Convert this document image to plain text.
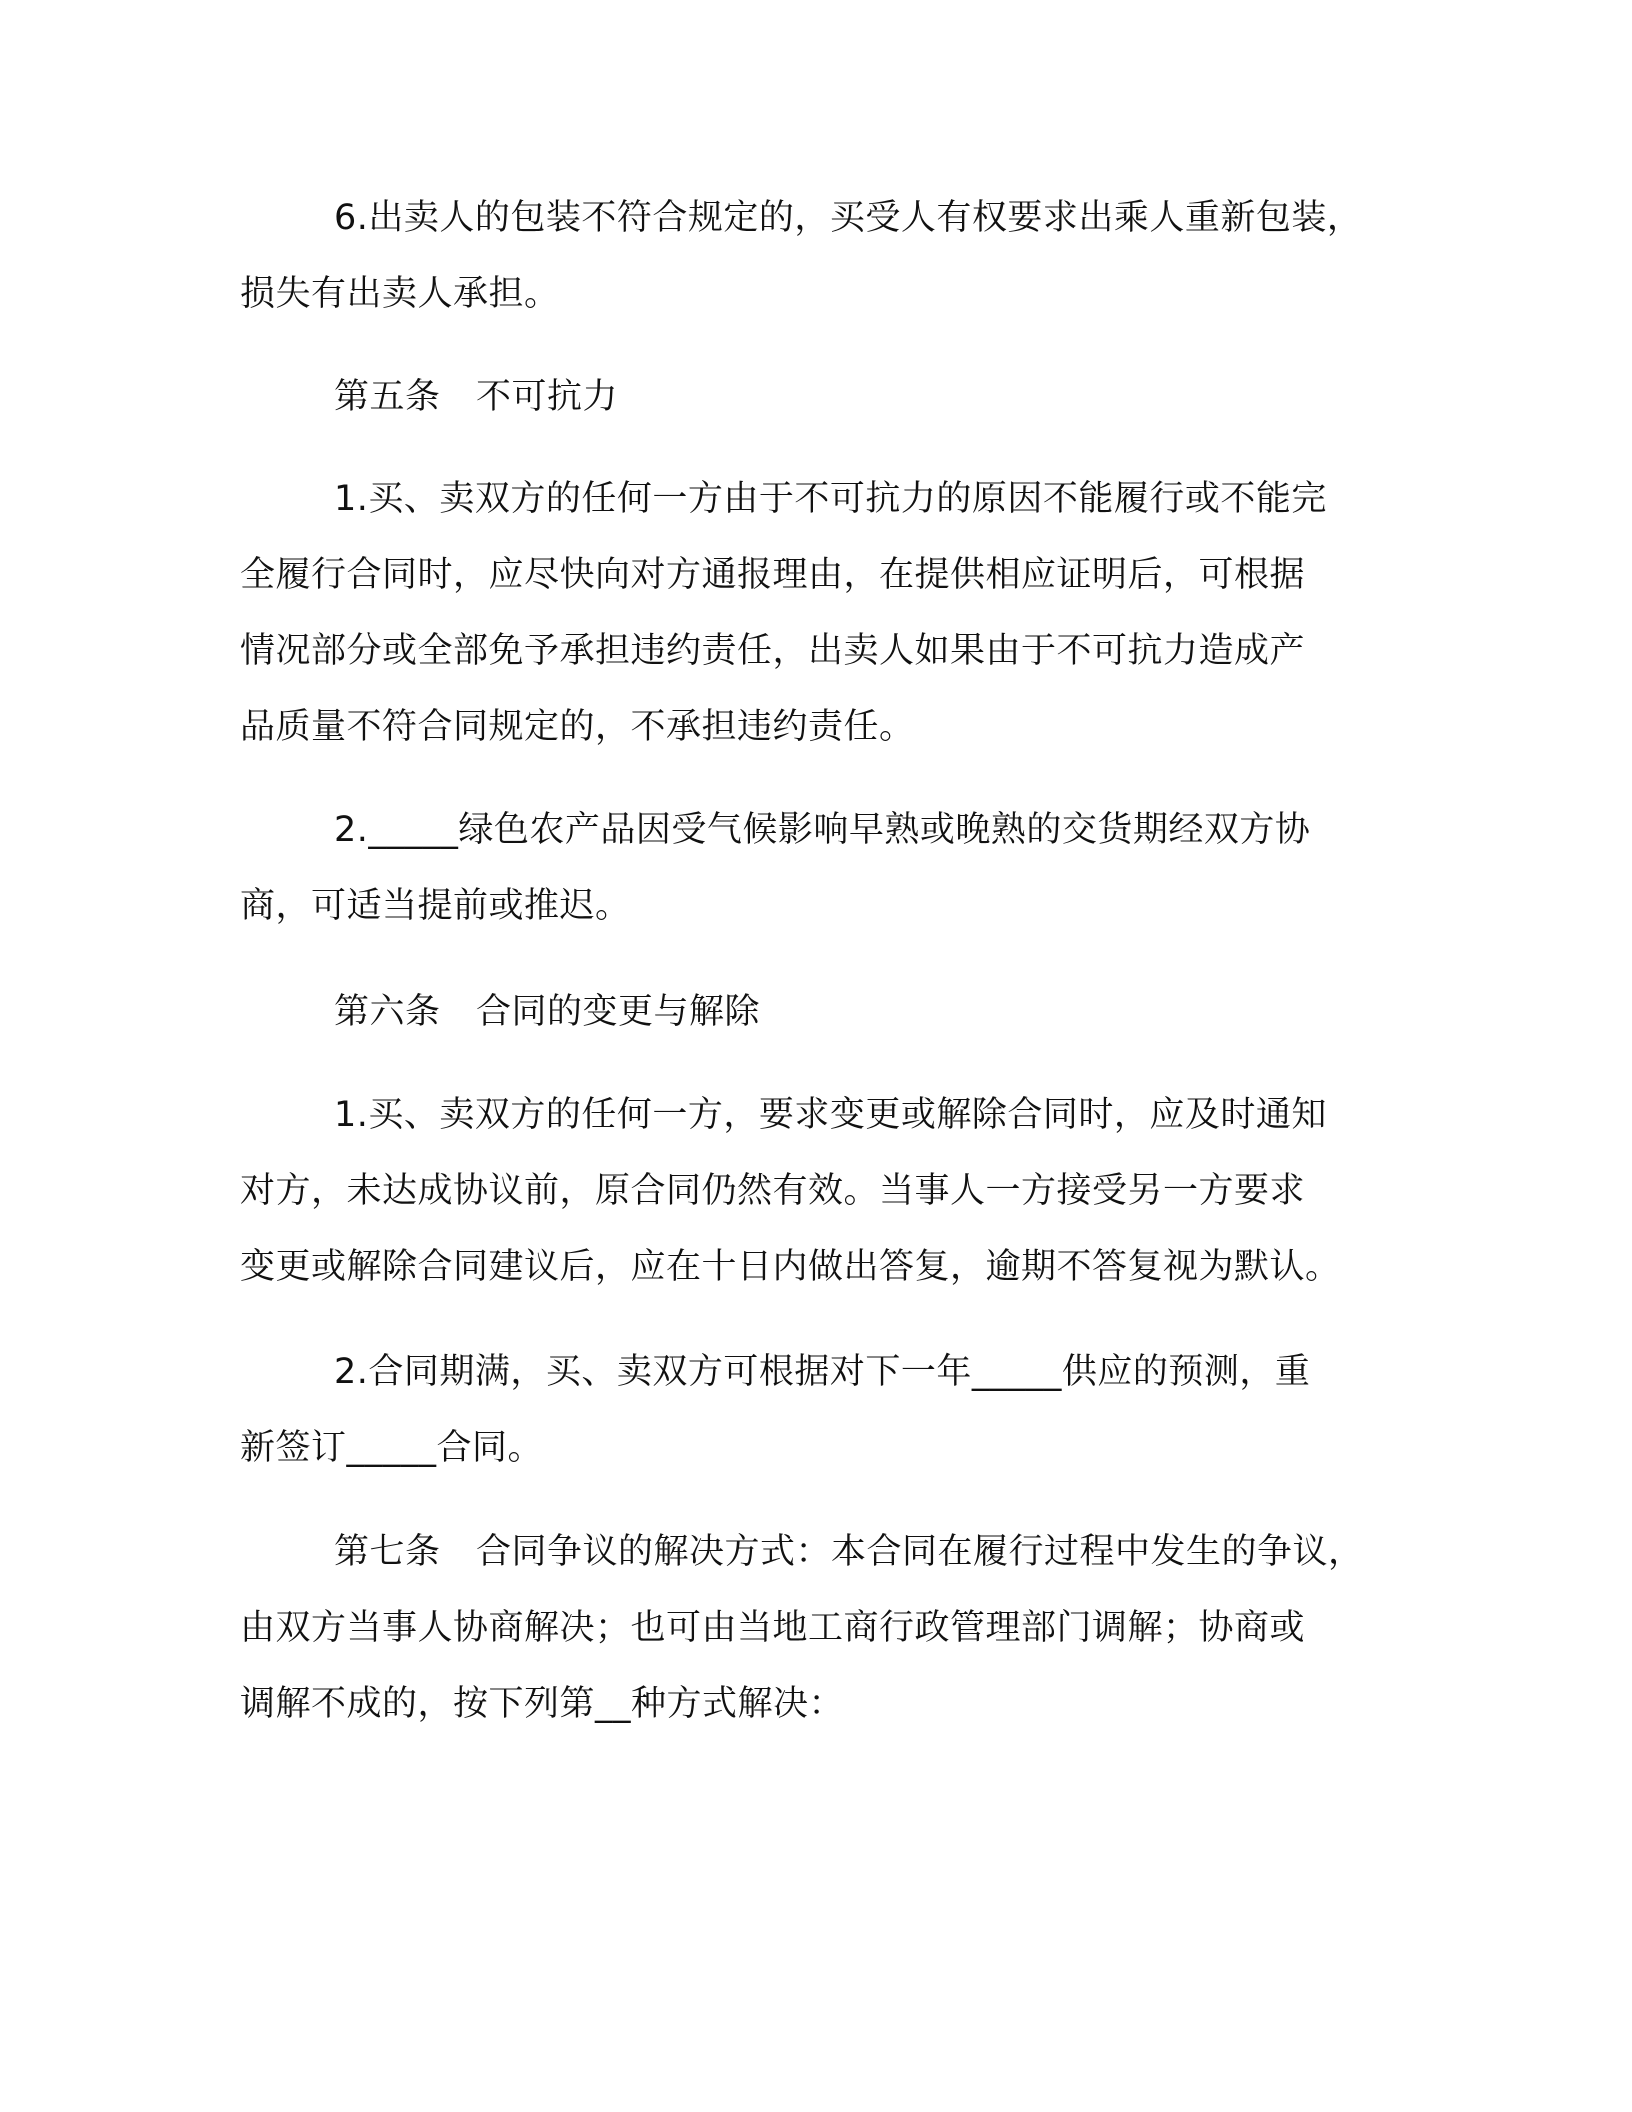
6.出卖人的包装不符合规定的，买受人有权要求出乘人重新包装，
损失有出卖人承担。
第五条　不可抗力
1.买、卖双方的任何一方由于不可抗力的原因不能履行或不能完
全履行合同时，应尽快向对方通报理由，在提供相应证明后，可根据
情况部分或全部免予承担违约责任，出卖人如果由于不可抗力造成产
品质量不符合同规定的，不承担违约责任。
2._____绿色农产品因受气候影响早熟或晚熟的交货期经双方协
商，可适当提前或推迟。
第六条　合同的变更与解除
1.买、卖双方的任何一方，要求变更或解除合同时，应及时通知
对方，未达成协议前，原合同仍然有效。当事人一方接受另一方要求
变更或解除合同建议后，应在十日内做出答复，逾期不答复视为默认。
2.合同期满，买、卖双方可根据对下一年_____供应的预测，重
新签订_____合同。
第七条　合同争议的解决方式：本合同在履行过程中发生的争议，
由双方当事人协商解决；也可由当地工商行政管理部门调解；协商或
调解不成的，按下列第__种方式解决：
